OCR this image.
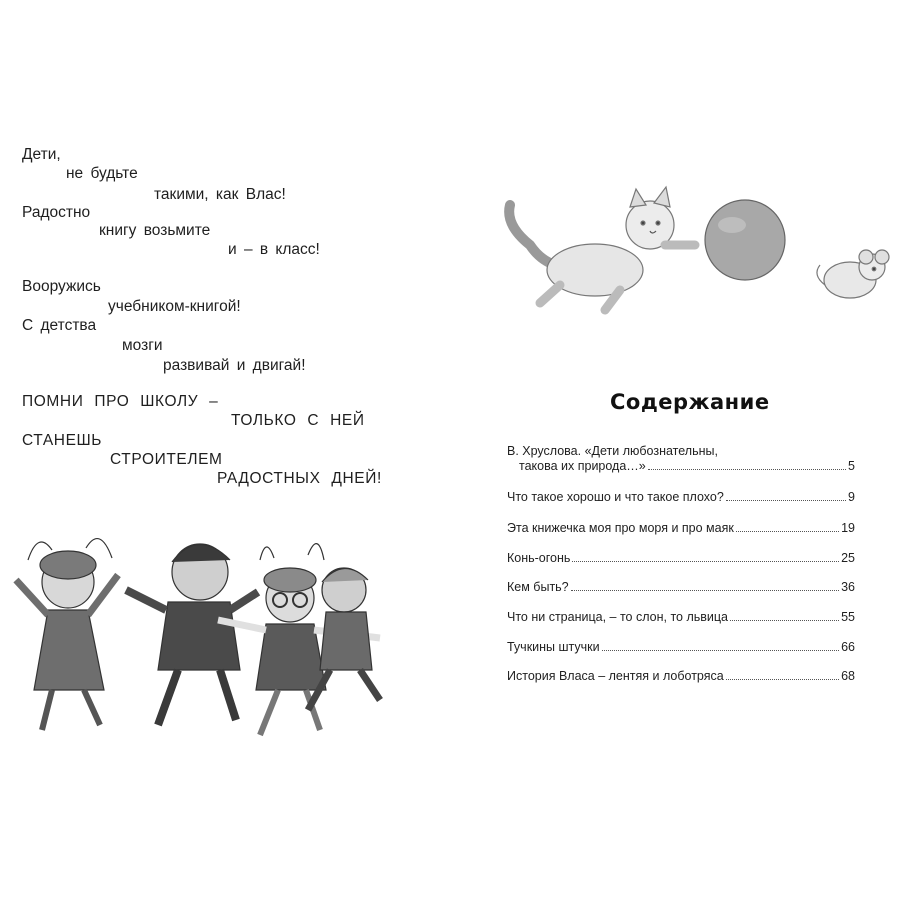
Дети,
не будьте
такими, как Влас!
Радостно
книгу возьмите
и – в класс!
Вооружись
учебником-книгой!
С детства
мозги
развивай и двигай!
ПОМНИ ПРО ШКОЛУ –
ТОЛЬКО С НЕЙ
СТАНЕШЬ
СТРОИТЕЛЕМ
РАДОСТНЫХ ДНЕЙ!
Содержание
В. Хруслова. «Дети любознательны,
такова их природа…»	5
Что такое хорошо и что такое плохо?	9
Эта книжечка моя про моря и про маяк	19
Конь-огонь	25
Кем быть?	36
Что ни страница, – то слон, то львица	55
Тучкины штучки	66
История Власа – лентяя и лоботряса	68
